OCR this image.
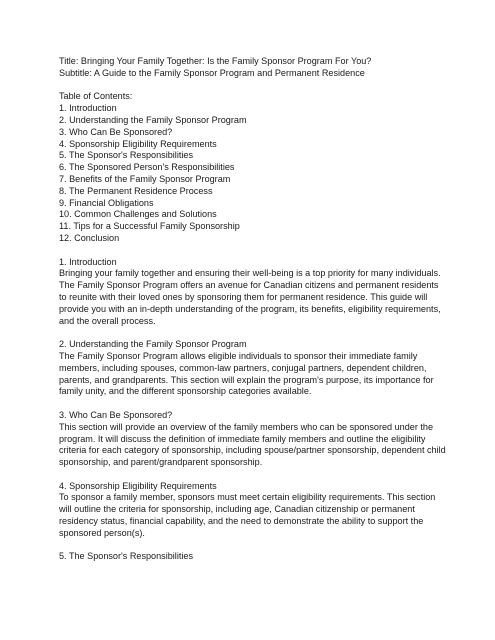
Title: Bringing Your Family Together: Is the Family Sponsor Program For You?
Subtitle: A Guide to the Family Sponsor Program and Permanent Residence
Table of Contents:
1. Introduction
2. Understanding the Family Sponsor Program
3. Who Can Be Sponsored?
4. Sponsorship Eligibility Requirements
5. The Sponsor's Responsibilities
6. The Sponsored Person's Responsibilities
7. Benefits of the Family Sponsor Program
8. The Permanent Residence Process
9. Financial Obligations
10. Common Challenges and Solutions
11. Tips for a Successful Family Sponsorship
12. Conclusion
1. Introduction
Bringing your family together and ensuring their well-being is a top priority for many individuals.
The Family Sponsor Program offers an avenue for Canadian citizens and permanent residents
to reunite with their loved ones by sponsoring them for permanent residence. This guide will
provide you with an in-depth understanding of the program, its benefits, eligibility requirements,
and the overall process.
2. Understanding the Family Sponsor Program
The Family Sponsor Program allows eligible individuals to sponsor their immediate family
members, including spouses, common-law partners, conjugal partners, dependent children,
parents, and grandparents. This section will explain the program's purpose, its importance for
family unity, and the different sponsorship categories available.
3. Who Can Be Sponsored?
This section will provide an overview of the family members who can be sponsored under the
program. It will discuss the definition of immediate family members and outline the eligibility
criteria for each category of sponsorship, including spouse/partner sponsorship, dependent child
sponsorship, and parent/grandparent sponsorship.
4. Sponsorship Eligibility Requirements
To sponsor a family member, sponsors must meet certain eligibility requirements. This section
will outline the criteria for sponsorship, including age, Canadian citizenship or permanent
residency status, financial capability, and the need to demonstrate the ability to support the
sponsored person(s).
5. The Sponsor's Responsibilities
